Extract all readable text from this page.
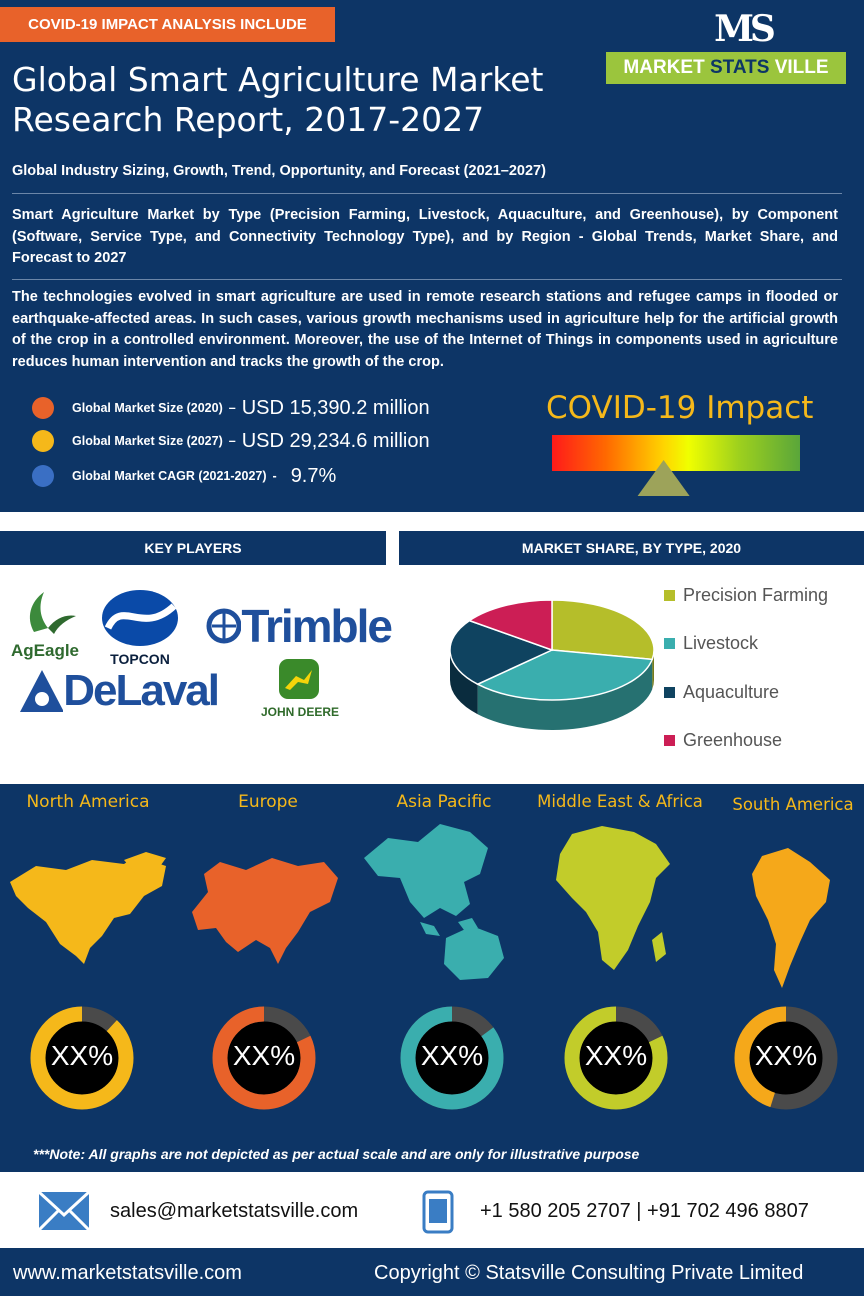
COVID-19 IMPACT ANALYSIS INCLUDE
Global Smart Agriculture Market
Research Report, 2017-2027
MS
MARKET STATS VILLE
Global Industry Sizing, Growth, Trend, Opportunity, and Forecast (2021–2027)
Smart Agriculture Market by Type (Precision Farming, Livestock, Aquaculture, and Greenhouse), by Component (Software, Service Type, and Connectivity Technology Type), and by Region - Global Trends, Market Share, and Forecast to 2027
The technologies evolved in smart agriculture are used in remote research stations and refugee camps in flooded or earthquake-affected areas. In such cases, various growth mechanisms used in agriculture help for the artificial growth of the crop in a controlled environment. Moreover, the use of the Internet of Things in components used in agriculture reduces human intervention and tracks the growth of the crop.
Global Market Size (2020) – USD 15,390.2 million
Global Market Size (2027) – USD 29,234.6 million
Global Market CAGR (2021-2027) - 9.7%
COVID-19 Impact
KEY PLAYERS	MARKET SHARE, BY TYPE, 2020
AgEagle	TOPCON
Trimble
DeLaval	JOHN DEERE
Precision Farming
Livestock
Aquaculture
Greenhouse
North America	Europe	Asia Pacific	Middle East & Africa	South America
XX%	XX%	XX%	XX%	XX%
***Note: All graphs are not depicted as per actual scale and are only for illustrative purpose
sales@marketstatsville.com	+1 580 205 2707 | +91 702 496 8807
www.marketstatsville.com	Copyright © Statsville Consulting Private Limited
